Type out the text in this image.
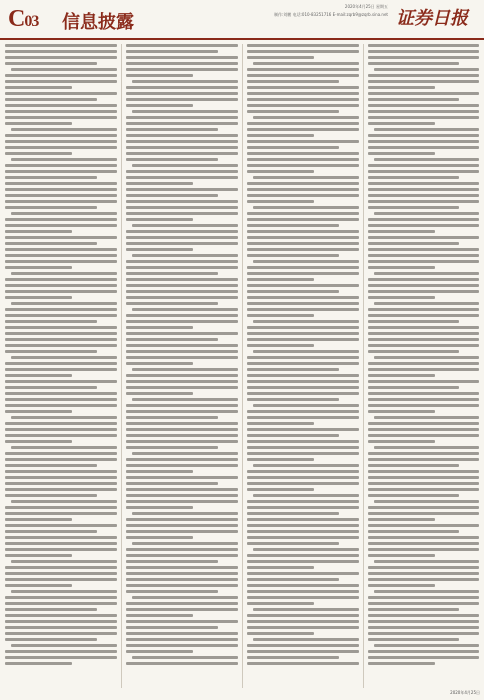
C03 信息披露
2020年4月25日 星期五
制作:刘鹏 电话:010-83251716 E-mail:zqrb9@zqrb.sina.net 证券日报
2020年4月25日
